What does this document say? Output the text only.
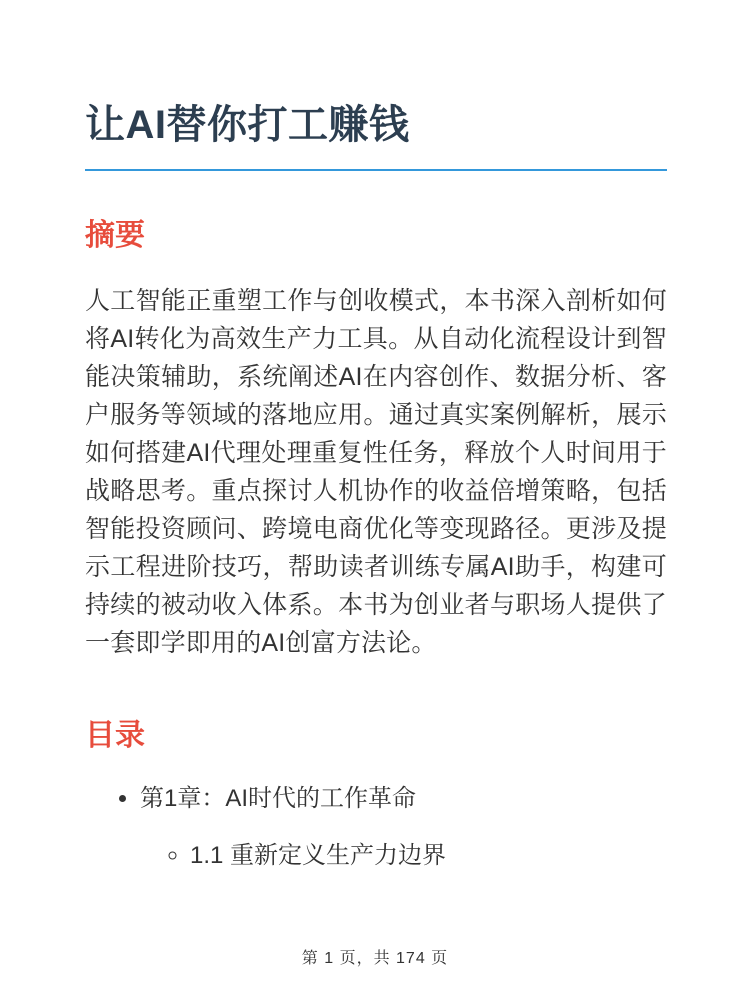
让AI替你打工赚钱
摘要

人工智能正重塑工作与创收模式，本书深入剖析如何将AI转化为高效生产力工具。从自动化流程设计到智能决策辅助，系统阐述AI在内容创作、数据分析、客户服务等领域的落地应用。通过真实案例解析，展示如何搭建AI代理处理重复性任务，释放个人时间用于战略思考。重点探讨人机协作的收益倍增策略，包括智能投资顾问、跨境电商优化等变现路径。更涉及提示工程进阶技巧，帮助读者训练专属AI助手，构建可持续的被动收入体系。本书为创业者与职场人提供了一套即学即用的AI创富方法论。

目录
• 第1章：AI时代的工作革命
◦ 1.1 重新定义生产力边界
第 1 页，共 174 页
